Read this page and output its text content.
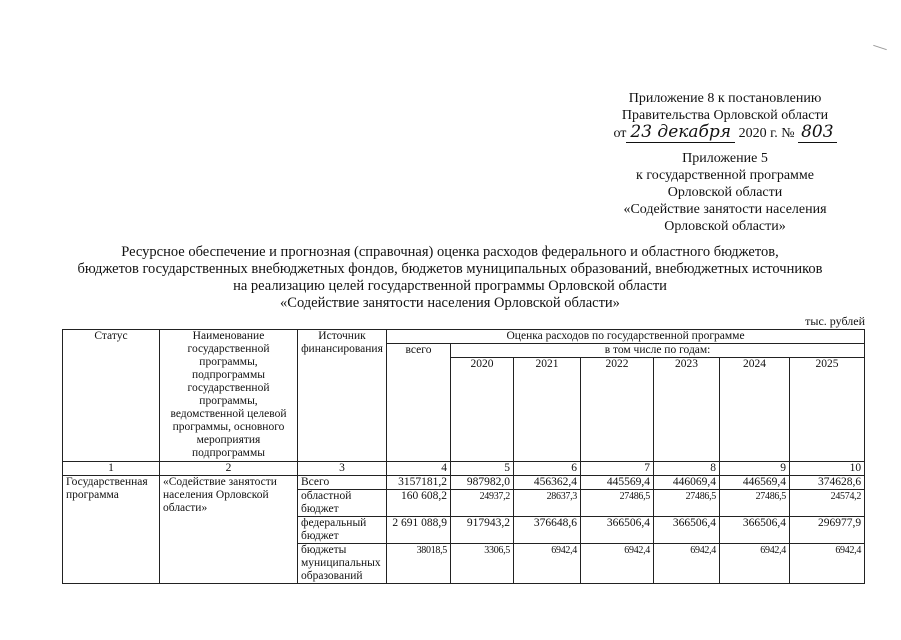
Приложение 8 к постановлению
Правительства Орловской области
от 23 декабря 2020 г. № 803
Приложение 5
к государственной программе
Орловской области
«Содействие занятости населения
Орловской области»
Ресурсное обеспечение и прогнозная (справочная) оценка расходов федерального и областного бюджетов,
бюджетов государственных внебюджетных фондов, бюджетов муниципальных образований, внебюджетных источников
на реализацию целей государственной программы Орловской области
«Содействие занятости населения Орловской области»
тыс. рублей
Статус	Наименование государственной программы, подпрограммы государственной программы, ведомственной целевой программы, основного мероприятия подпрограммы	Источник финансирования	Оценка расходов по государственной программе						
			всего	в том числе по годам:					
				2020	2021	2022	2023	2024	2025
1	2	3	4	5	6	7	8	9	10
Государственная программа	«Содействие занятости населения Орловской области»	Всего	3157181,2	987982,0	456362,4	445569,4	446069,4	446569,4	374628,6
		областной бюджет	160 608,2	24937,2	28637,3	27486,5	27486,5	27486,5	24574,2
		федеральный бюджет	2 691 088,9	917943,2	376648,6	366506,4	366506,4	366506,4	296977,9
		бюджеты муниципальных образований	38018,5	3306,5	6942,4	6942,4	6942,4	6942,4	6942,4
